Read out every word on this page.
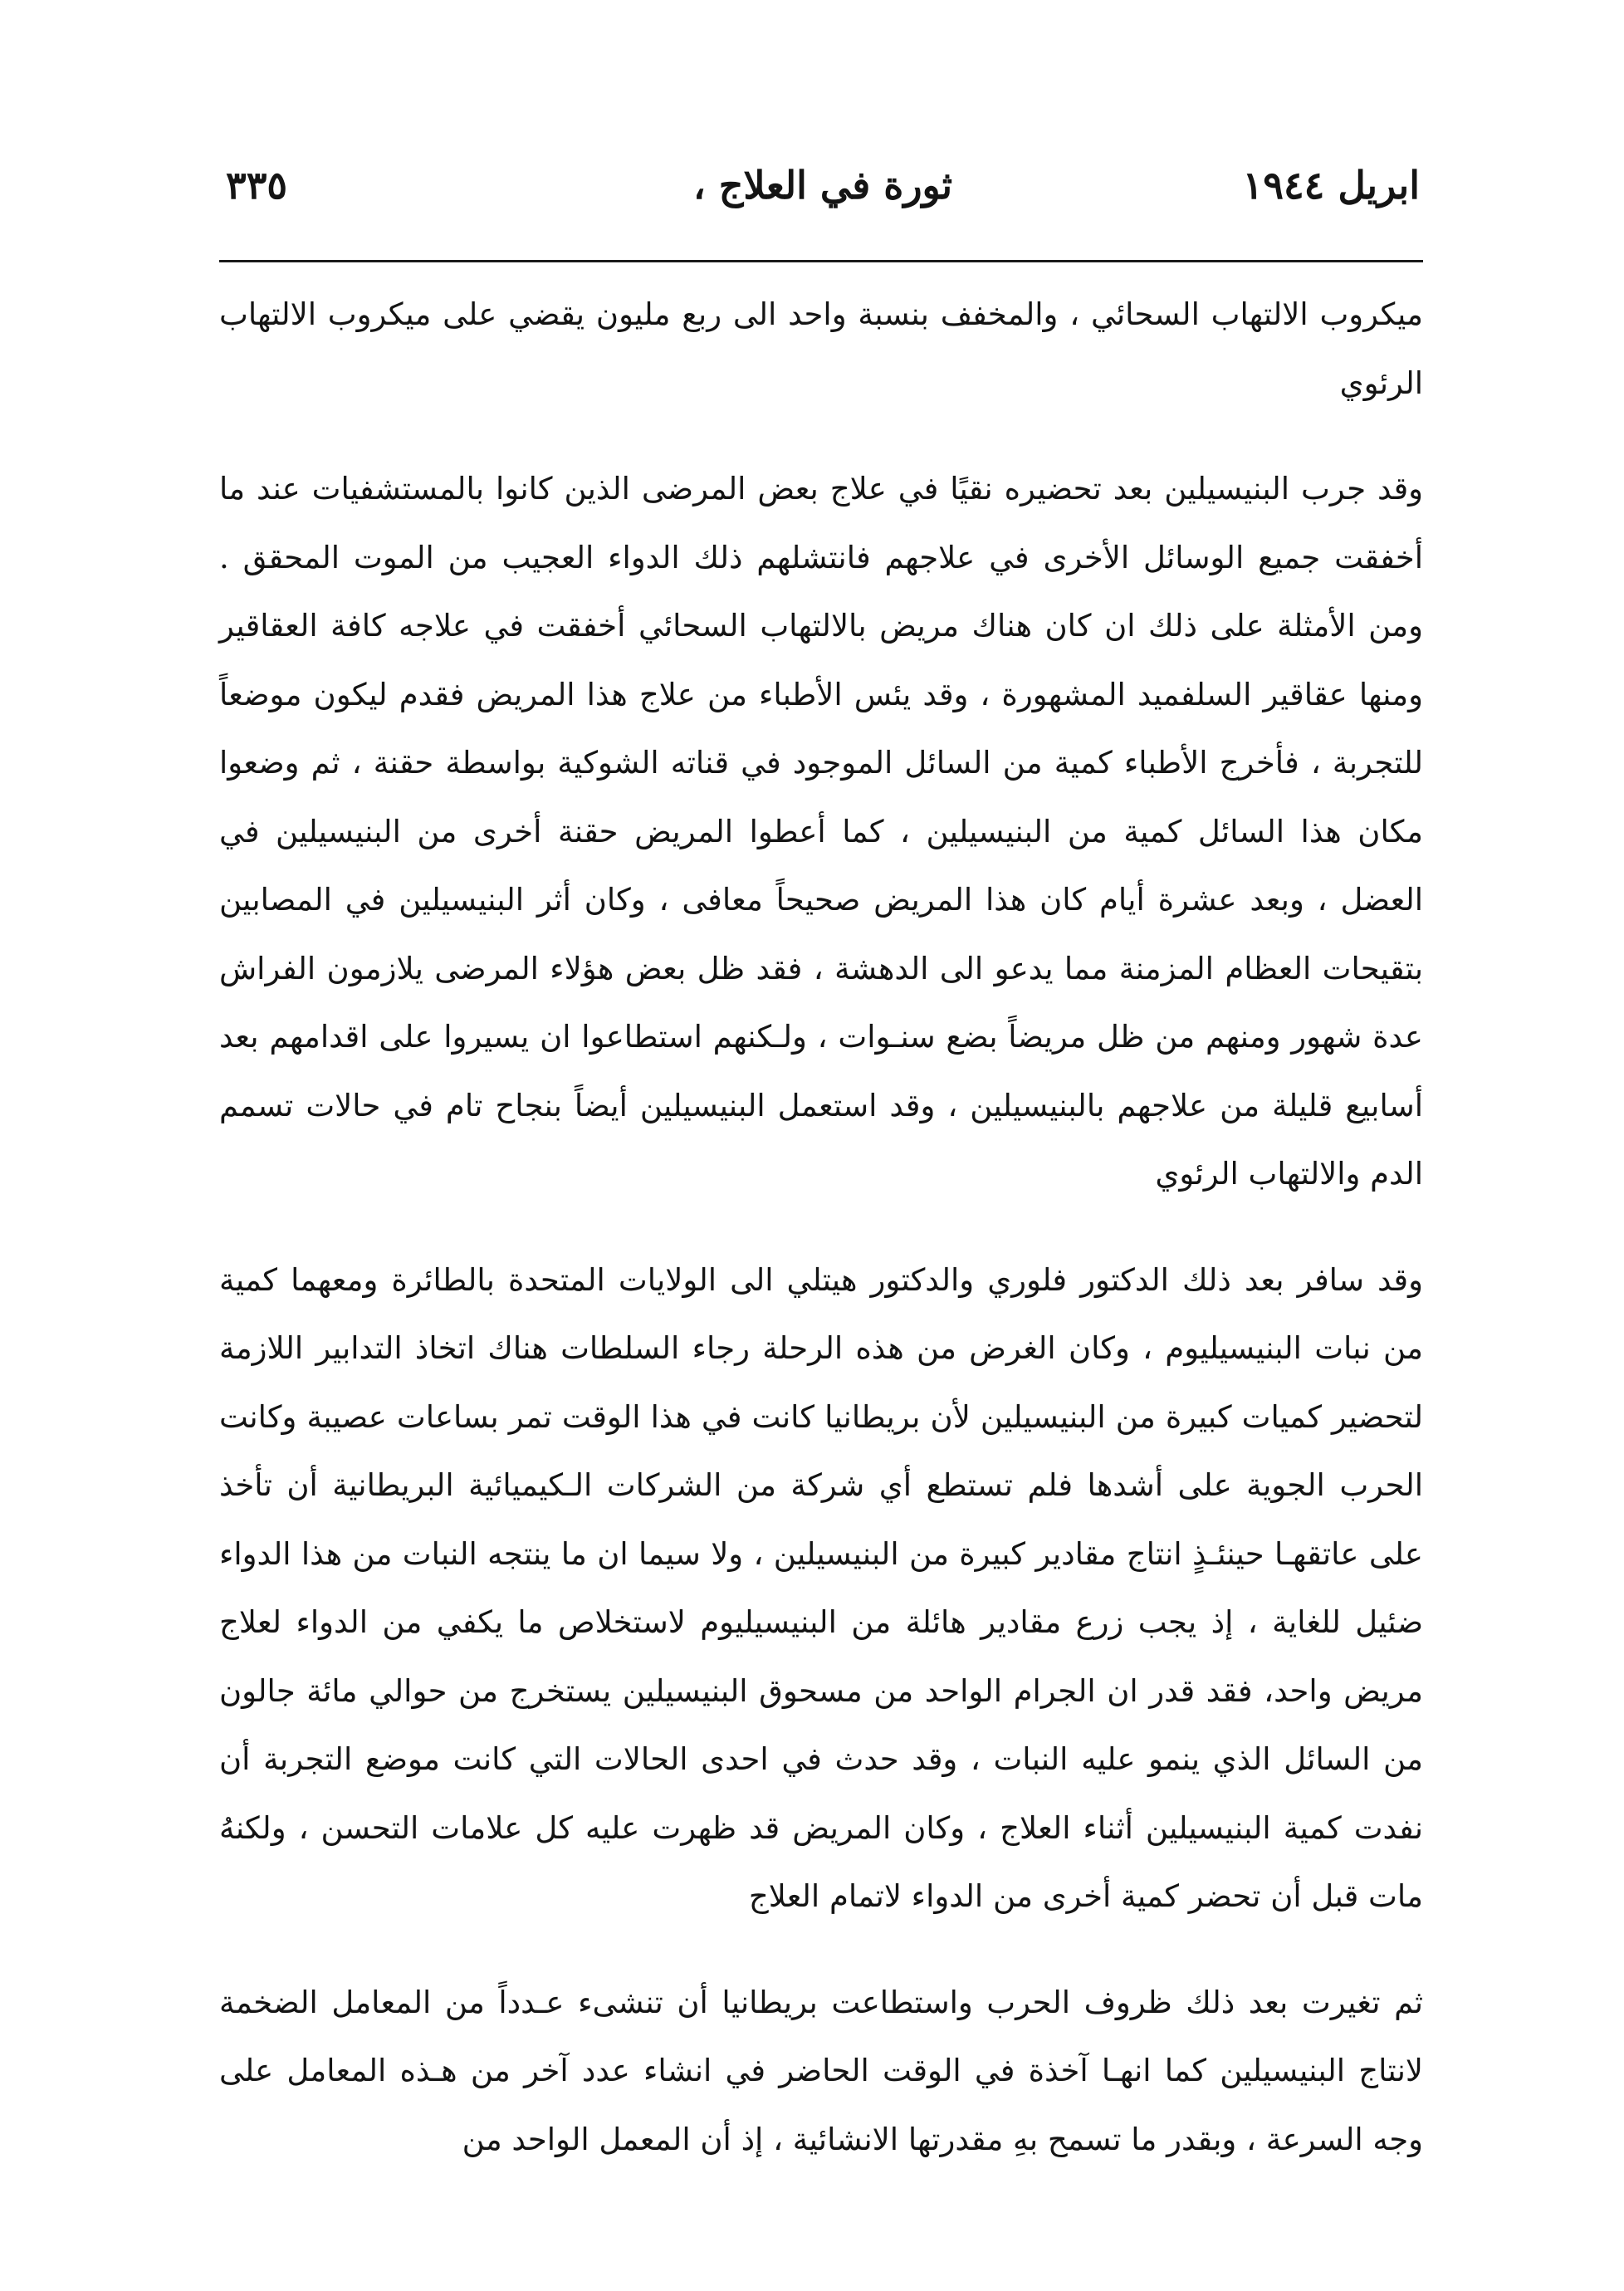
ابريل ١٩٤٤
ثورة في العلاج ،
٣٣٥

ميكروب الالتهاب السحائي ، والمخفف بنسبة واحد الى ربع مليون يقضي على ميكروب الالتهاب الرئوي

وقد جرب البنيسيلين بعد تحضيره نقيًا في علاج بعض المرضى الذين كانوا بالمستشفيات عند ما أخفقت جميع الوسائل الأخرى في علاجهم فانتشلهم ذلك الدواء العجيب من الموت المحقق . ومن الأمثلة على ذلك ان كان هناك مريض بالالتهاب السحائي أخفقت في علاجه كافة العقاقير ومنها عقاقير السلفميد المشهورة ، وقد يئس الأطباء من علاج هذا المريض فقدم ليكون موضعاً للتجربة ، فأخرج الأطباء كمية من السائل الموجود في قناته الشوكية بواسطة حقنة ، ثم وضعوا مكان هذا السائل كمية من البنيسيلين ، كما أعطوا المريض حقنة أخرى من البنيسيلين في العضل ، وبعد عشرة أيام كان هذا المريض صحيحاً معافى ، وكان أثر البنيسيلين في المصابين بتقيحات العظام المزمنة مما يدعو الى الدهشة ، فقد ظل بعض هؤلاء المرضى يلازمون الفراش عدة شهور ومنهم من ظل مريضاً بضع سنـوات ، ولـكنهم استطاعوا ان يسيروا على اقدامهم بعد أسابيع قليلة من علاجهم بالبنيسيلين ، وقد استعمل البنيسيلين أيضاً بنجاح تام في حالات تسمم الدم والالتهاب الرئوي

وقد سافر بعد ذلك الدكتور فلوري والدكتور هيتلي الى الولايات المتحدة بالطائرة ومعهما كمية من نبات البنيسيليوم ، وكان الغرض من هذه الرحلة رجاء السلطات هناك اتخاذ التدابير اللازمة لتحضير كميات كبيرة من البنيسيلين لأن بريطانيا كانت في هذا الوقت تمر بساعات عصيبة وكانت الحرب الجوية على أشدها فلم تستطع أي شركة من الشركات الـكيميائية البريطانية أن تأخذ على عاتقهـا حينئـذٍ انتاج مقادير كبيرة من البنيسيلين ، ولا سيما ان ما ينتجه النبات من هذا الدواء ضئيل للغاية ، إذ يجب زرع مقادير هائلة من البنيسيليوم لاستخلاص ما يكفي من الدواء لعلاج مريض واحد، فقد قدر ان الجرام الواحد من مسحوق البنيسيلين يستخرج من حوالي مائة جالون من السائل الذي ينمو عليه النبات ، وقد حدث في احدى الحالات التي كانت موضع التجربة أن نفدت كمية البنيسيلين أثناء العلاج ، وكان المريض قد ظهرت عليه كل علامات التحسن ، ولكنهُ مات قبل أن تحضر كمية أخرى من الدواء لاتمام العلاج

ثم تغيرت بعد ذلك ظروف الحرب واستطاعت بريطانيا أن تنشىء عـدداً من المعامل الضخمة لانتاج البنيسيلين كما انهـا آخذة في الوقت الحاضر في انشاء عدد آخر من هـذه المعامل على وجه السرعة ، وبقدر ما تسمح بهِ مقدرتها الانشائية ، إذ أن المعمل الواحد من
